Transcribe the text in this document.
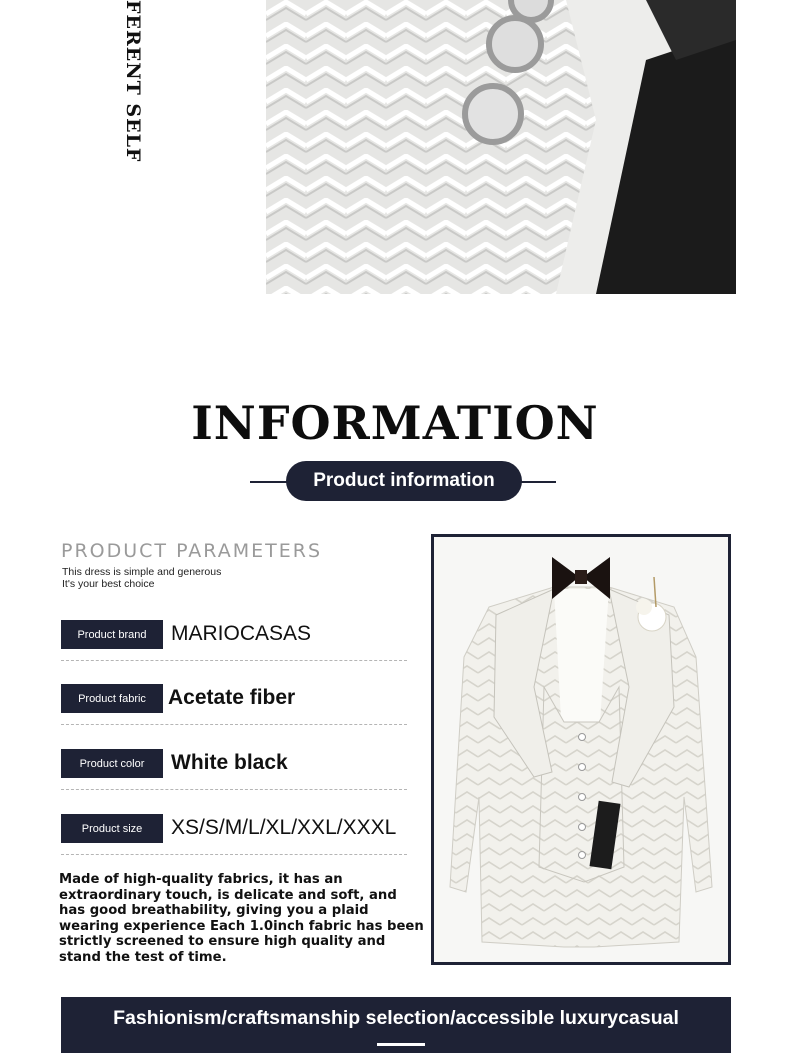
FERENT SELF
INFORMATION
Product information
PRODUCT PARAMETERS
This dress is simple and generous
It's your best choice
Product brand	MARIOCASAS
Product fabric	Acetate fiber
Product color	White black
Product size	XS/S/M/L/XL/XXL/XXXL
Made of high-quality fabrics, it has an extraordinary touch, is delicate and soft, and has good breathability, giving you a plaid wearing experience Each 1.0inch fabric has been strictly screened to ensure high quality and stand the test of time.
Fashionism/craftsmanship selection/accessible luxurycasual
